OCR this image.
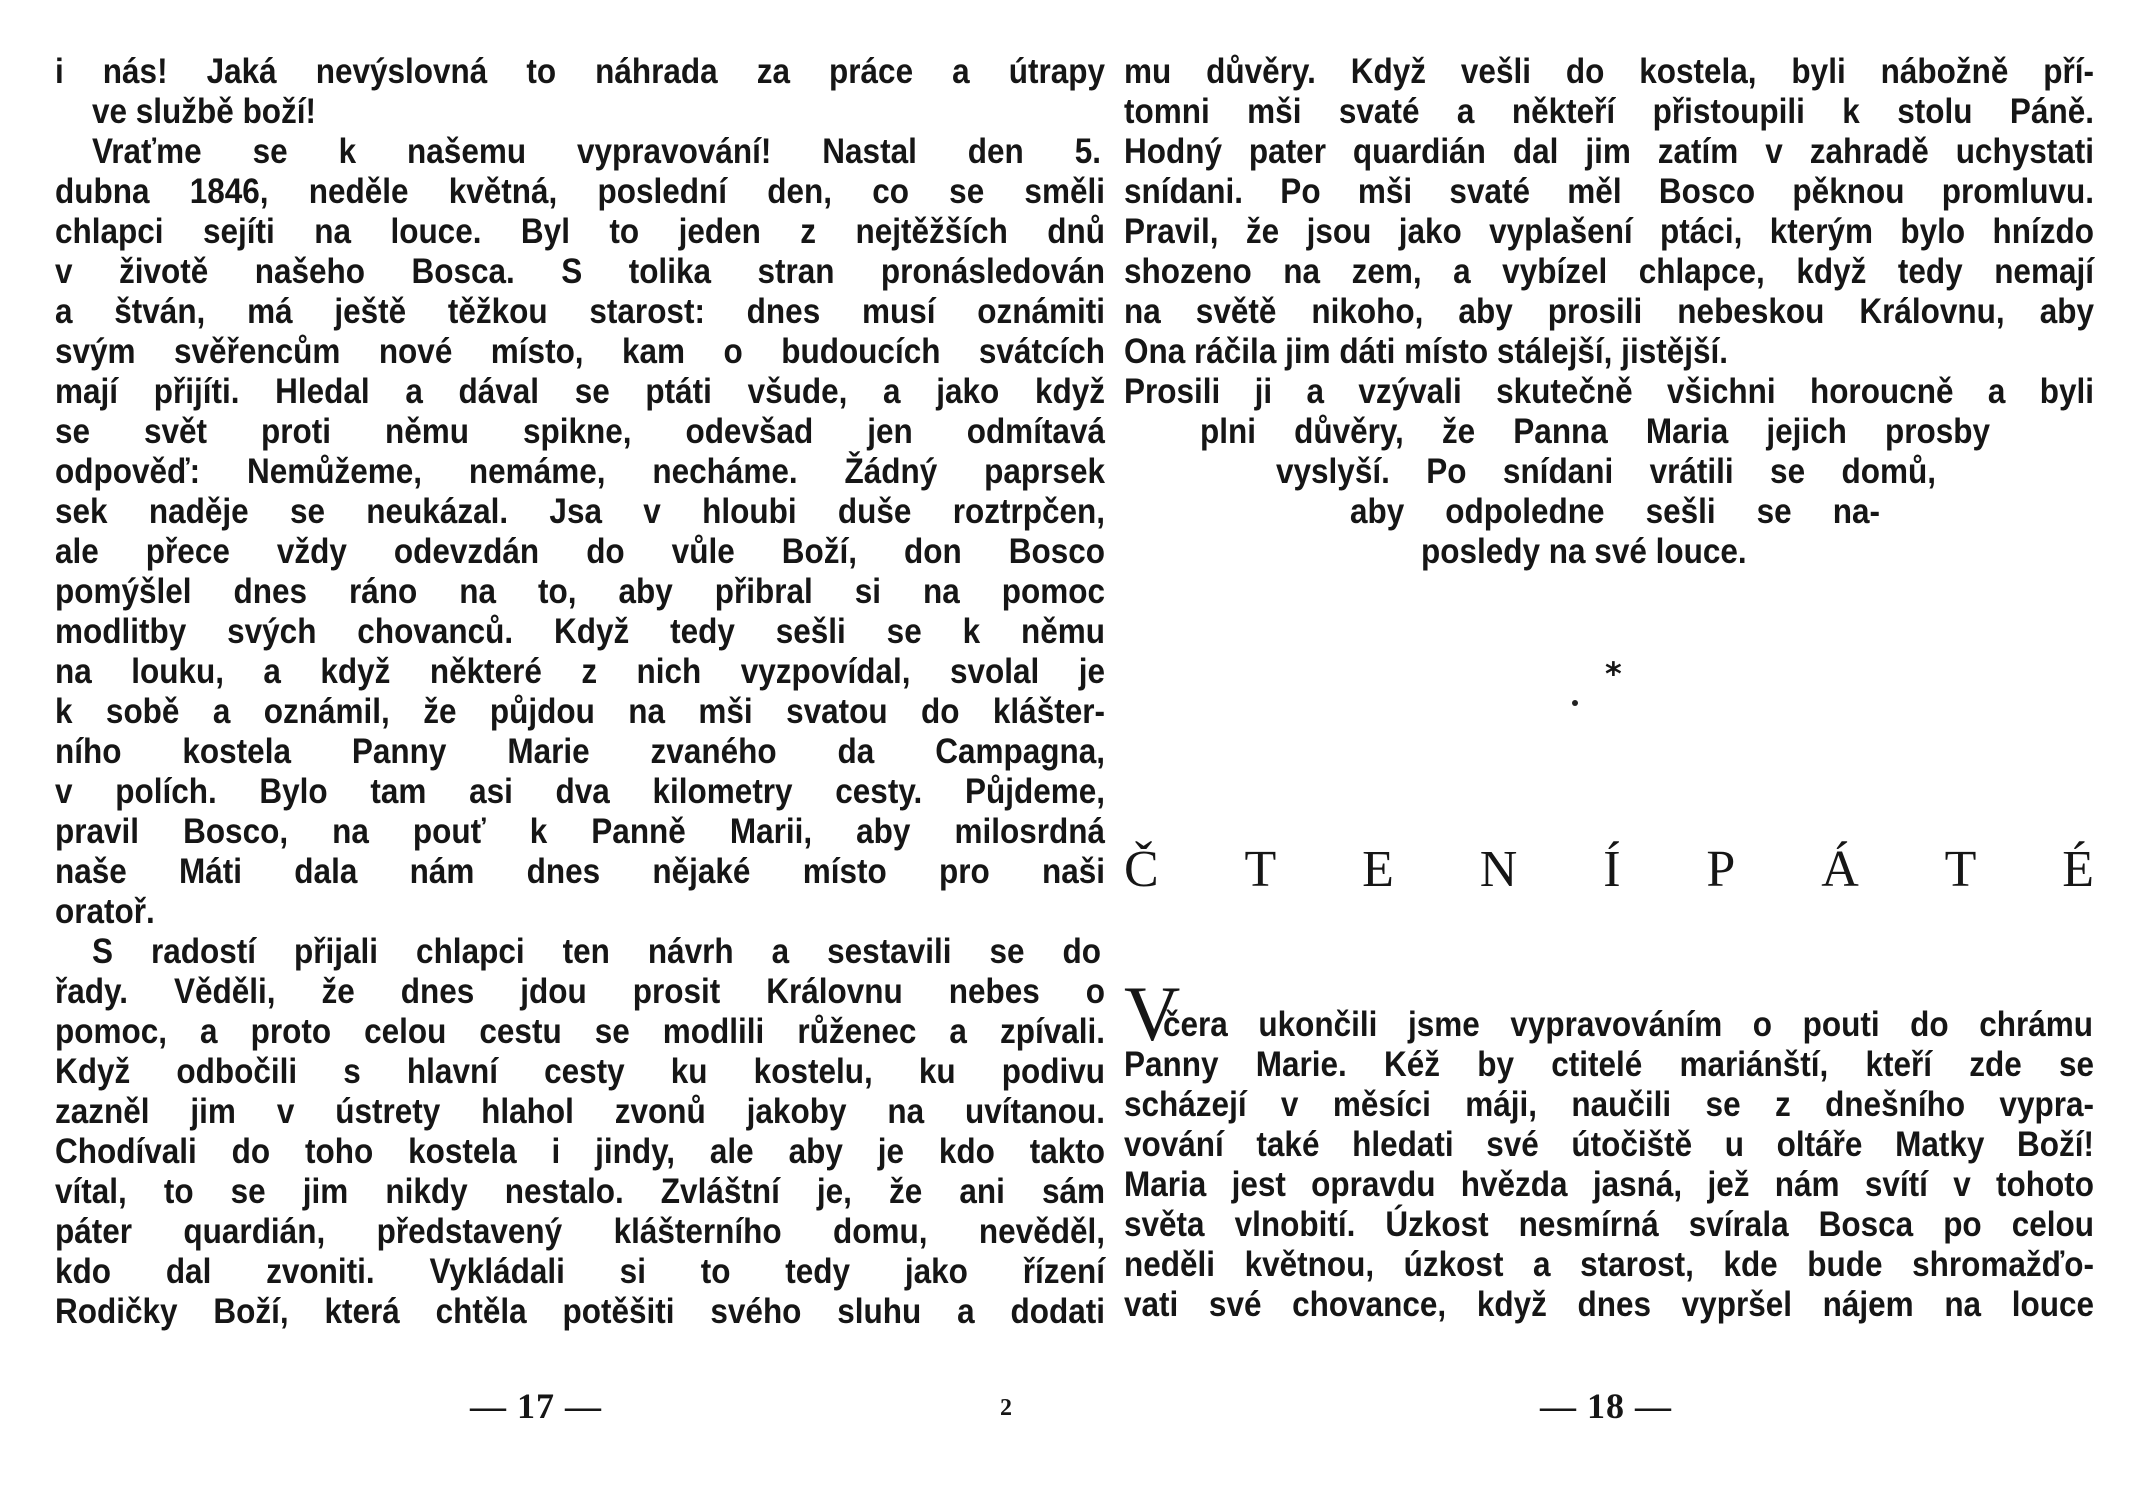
i nás! Jaká nevýslovná to náhrada za práce a útrapy
ve službě boží!
Vraťme se k našemu vypravování! Nastal den 5.
dubna 1846, neděle květná, poslední den, co se směli
chlapci sejíti na louce. Byl to jeden z nejtěžších dnů
v životě našeho Bosca. S tolika stran pronásledován
a štván, má ještě těžkou starost: dnes musí oznámiti
svým svěřencům nové místo, kam o budoucích svátcích
mají přijíti. Hledal a dával se ptáti všude, a jako když
se svět proti němu spikne, odevšad jen odmítavá
odpověď: Nemůžeme, nemáme, necháme. Žádný paprsek
sek naděje se neukázal. Jsa v hloubi duše roztrpčen,
ale přece vždy odevzdán do vůle Boží, don Bosco
pomýšlel dnes ráno na to, aby přibral si na pomoc
modlitby svých chovanců. Když tedy sešli se k němu
na louku, a když některé z nich vyzpovídal, svolal je
k sobě a oznámil, že půjdou na mši svatou do klášter-
ního kostela Panny Marie zvaného da Campagna,
v polích. Bylo tam asi dva kilometry cesty. Půjdeme,
pravil Bosco, na pouť k Panně Marii, aby milosrdná
naše Máti dala nám dnes nějaké místo pro naši
oratoř.
S radostí přijali chlapci ten návrh a sestavili se do
řady. Věděli, že dnes jdou prosit Královnu nebes o
pomoc, a proto celou cestu se modlili růženec a zpívali.
Když odbočili s hlavní cesty ku kostelu, ku podivu
zazněl jim v ústrety hlahol zvonů jakoby na uvítanou.
Chodívali do toho kostela i jindy, ale aby je kdo takto
vítal, to se jim nikdy nestalo. Zvláštní je, že ani sám
páter quardián, představený klášterního domu, nevěděl,
kdo dal zvoniti. Vykládali si to tedy jako řízení
Rodičky Boží, která chtěla potěšiti svého sluhu a dodati
— 17 —	2
mu důvěry. Když vešli do kostela, byli nábožně pří-
tomni mši svaté a někteří přistoupili k stolu Páně.
Hodný pater quardián dal jim zatím v zahradě uchystati
snídani. Po mši svaté měl Bosco pěknou promluvu.
Pravil, že jsou jako vyplašení ptáci, kterým bylo hnízdo
shozeno na zem, a vybízel chlapce, když tedy nemají
na světě nikoho, aby prosili nebeskou Královnu, aby
Ona ráčila jim dáti místo stálejší, jistější.
Prosili ji a vzývali skutečně všichni horoucně a byli
plni důvěry, že Panna Maria jejich prosby
vyslyší. Po snídani vrátili se domů,
aby odpoledne sešli se na-
posledy na své louce.
*
Č T E N Í P Á T É
V
čera ukončili jsme vypravováním o pouti do chrámu
Panny Marie. Kéž by ctitelé mariánští, kteří zde se
scházejí v měsíci máji, naučili se z dnešního vypra-
vování také hledati své útočiště u oltáře Matky Boží!
Maria jest opravdu hvězda jasná, jež nám svítí v tohoto
světa vlnobití. Úzkost nesmírná svírala Bosca po celou
neděli květnou, úzkost a starost, kde bude shromažďo-
vati své chovance, když dnes vypršel nájem na louce
— 18 —
